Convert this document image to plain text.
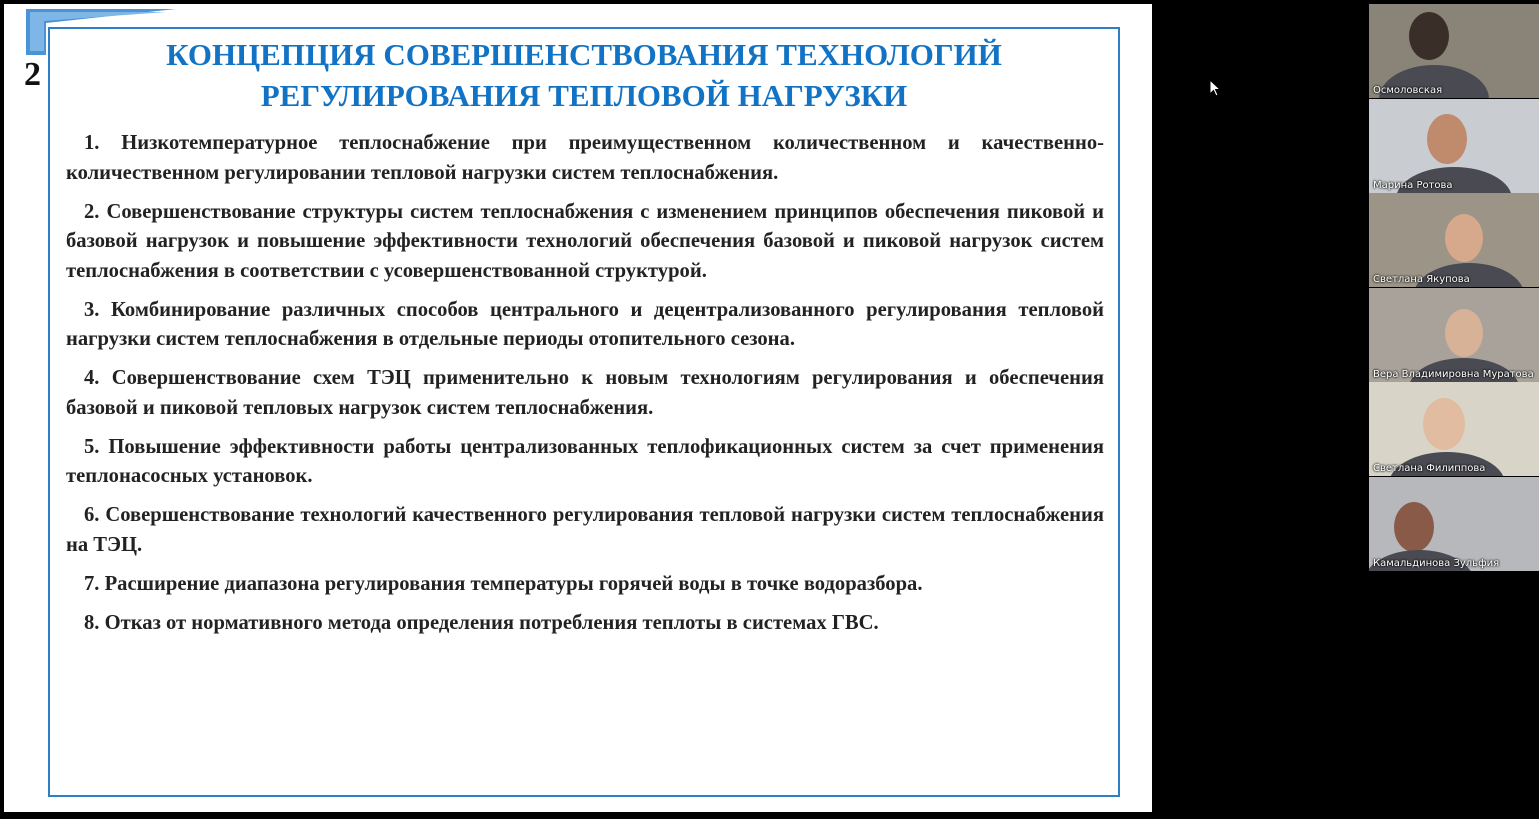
2
КОНЦЕПЦИЯ СОВЕРШЕНСТВОВАНИЯ ТЕХНОЛОГИЙ
РЕГУЛИРОВАНИЯ ТЕПЛОВОЙ НАГРУЗКИ
1. Низкотемпературное теплоснабжение при преимущественном количественном и качественно-количественном регулировании тепловой нагрузки систем теплоснабжения.
2. Совершенствование структуры систем теплоснабжения с изменением принципов обеспечения пиковой и базовой нагрузок и повышение эффективности технологий обеспечения базовой и пиковой нагрузок систем теплоснабжения в соответствии с усовершенствованной структурой.
3. Комбинирование различных способов центрального и децентрализованного регулирования тепловой нагрузки систем теплоснабжения в отдельные периоды отопительного сезона.
4. Совершенствование схем ТЭЦ применительно к новым технологиям регулирования и обеспечения базовой и пиковой тепловых нагрузок систем теплоснабжения.
5. Повышение эффективности работы централизованных теплофикационных систем за счет применения теплонасосных установок.
6. Совершенствование технологий качественного регулирования тепловой нагрузки систем теплоснабжения на ТЭЦ.
7. Расширение диапазона регулирования температуры горячей воды в точке водоразбора.
8. Отказ от нормативного метода определения потребления теплоты в системах ГВС.
Осмоловская
Марина Ротова
Светлана Якупова
Вера Владимировна Муратова
Светлана Филиппова
Камальдинова Зульфия
